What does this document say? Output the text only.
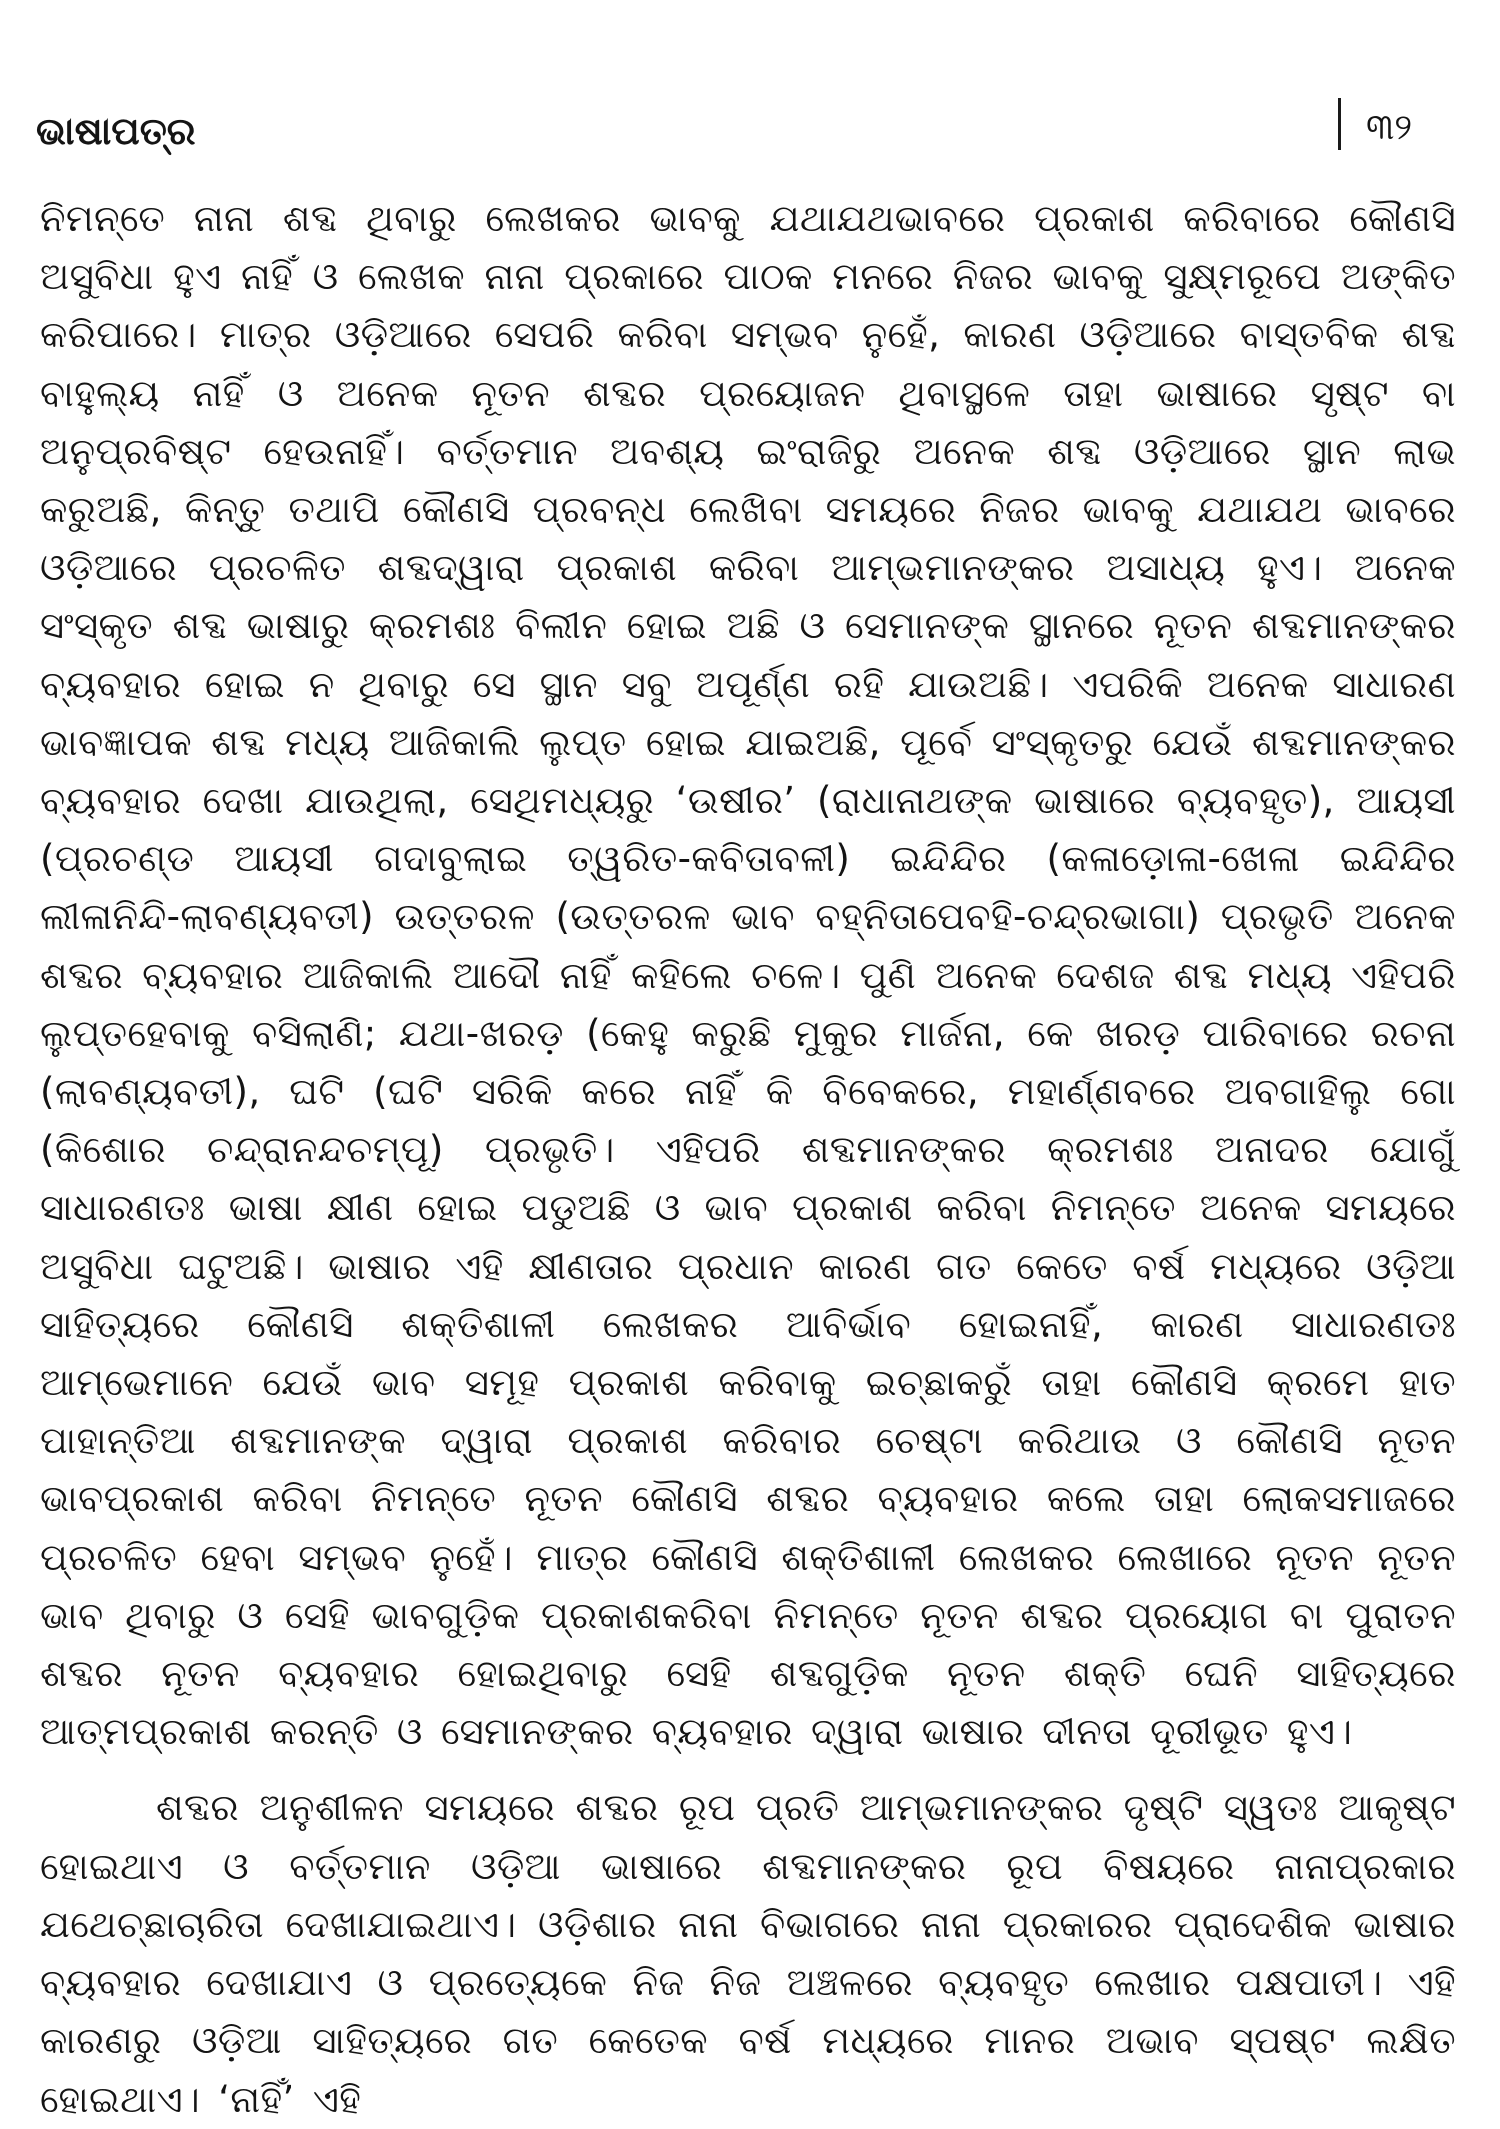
ଭାଷାପତ୍ର	୩୨

ନିମନ୍ତେ ନାନା ଶବ୍ଦ ଥିବାରୁ ଲେଖକର ଭାବକୁ ଯଥାଯଥଭାବରେ ପ୍ରକାଶ କରିବାରେ କୌଣସି ଅସୁବିଧା ହୁଏ ନାହିଁ ଓ ଲେଖକ ନାନା ପ୍ରକାରେ ପାଠକ ମନରେ ନିଜର ଭାବକୁ ସୁକ୍ଷ୍ମରୂପେ ଅଙ୍କିତ କରିପାରେ। ମାତ୍ର ଓଡ଼ିଆରେ ସେପରି କରିବା ସମ୍ଭବ ନୁହେଁ, କାରଣ ଓଡ଼ିଆରେ ବାସ୍ତବିକ ଶବ୍ଦ ବାହୁଲ୍ୟ ନାହିଁ ଓ ଅନେକ ନୂତନ ଶବ୍ଦର ପ୍ରୟୋଜନ ଥିବାସ୍ଥଳେ ତାହା ଭାଷାରେ ସୃଷ୍ଟ ବା ଅନୁପ୍ରବିଷ୍ଟ ହେଉନାହିଁ। ବର୍ତ୍ତମାନ ଅବଶ୍ୟ ଇଂରାଜିରୁ ଅନେକ ଶବ୍ଦ ଓଡ଼ିଆରେ ସ୍ଥାନ ଲାଭ କରୁଅଛି, କିନ୍ତୁ ତଥାପି କୌଣସି ପ୍ରବନ୍ଧ ଲେଖିବା ସମୟରେ ନିଜର ଭାବକୁ ଯଥାଯଥ ଭାବରେ ଓଡ଼ିଆରେ ପ୍ରଚଳିତ ଶବ୍ଦଦ୍ୱାରା ପ୍ରକାଶ କରିବା ଆମ୍ଭମାନଙ୍କର ଅସାଧ୍ୟ ହୁଏ। ଅନେକ ସଂସ୍କୃତ ଶବ୍ଦ ଭାଷାରୁ କ୍ରମଶଃ ବିଲୀନ ହୋଇ ଅଛି ଓ ସେମାନଙ୍କ ସ୍ଥାନରେ ନୂତନ ଶବ୍ଦମାନଙ୍କର ବ୍ୟବହାର ହୋଇ ନ ଥିବାରୁ ସେ ସ୍ଥାନ ସବୁ ଅପୂର୍ଣ୍ଣ ରହି ଯାଉଅଛି। ଏପରିକି ଅନେକ ସାଧାରଣ ଭାବଜ୍ଞାପକ ଶବ୍ଦ ମଧ୍ୟ ଆଜିକାଲି ଲୁପ୍ତ ହୋଇ ଯାଇଅଛି, ପୂର୍ବେ ସଂସ୍କୃତରୁ ଯେଉଁ ଶବ୍ଦମାନଙ୍କର ବ୍ୟବହାର ଦେଖା ଯାଉଥିଲା, ସେଥିମଧ୍ୟରୁ ‘ଉଷୀର’ (ରାଧାନାଥଙ୍କ ଭାଷାରେ ବ୍ୟବହୃତ), ଆୟସୀ (ପ୍ରଚଣ୍ଡ ଆୟସୀ ଗଦାବୁଲାଇ ତ୍ୱରିତ-କବିତାବଳୀ) ଇନ୍ଦିନ୍ଦିର (କଳାଡ଼ୋଳା-ଖେଳା ଇନ୍ଦିନ୍ଦିର ଲୀଳାନିନ୍ଦି-ଲାବଣ୍ୟବତୀ) ଉତ୍ତରଳ (ଉତ୍ତରଳ ଭାବ ବହ୍ନିତାପେବହି-ଚନ୍ଦ୍ରଭାଗା) ପ୍ରଭୃତି ଅନେକ ଶବ୍ଦର ବ୍ୟବହାର ଆଜିକାଲି ଆଦୌ ନାହିଁ କହିଲେ ଚଳେ। ପୁଣି ଅନେକ ଦେଶଜ ଶବ୍ଦ ମଧ୍ୟ ଏହିପରି ଲୁପ୍ତହେବାକୁ ବସିଲାଣି; ଯଥା-ଖରଡ଼ (କେହୁ କରୁଛି ମୁକୁର ମାର୍ଜନା, କେ ଖରଡ଼ ପାରିବାରେ ରଚନା (ଲାବଣ୍ୟବତୀ), ଘଟି (ଘଟି ସରିକି କରେ ନାହିଁ କି ବିବେକରେ, ମହାର୍ଣ୍ଣବରେ ଅବଗାହିଲୁ ଗୋ (କିଶୋର ଚନ୍ଦ୍ରାନନ୍ଦଚମ୍ପୂ) ପ୍ରଭୃତି। ଏହିପରି ଶବ୍ଦମାନଙ୍କର କ୍ରମଶଃ ଅନାଦର ଯୋଗୁଁ ସାଧାରଣତଃ ଭାଷା କ୍ଷୀଣ ହୋଇ ପଡୁଅଛି ଓ ଭାବ ପ୍ରକାଶ କରିବା ନିମନ୍ତେ ଅନେକ ସମୟରେ ଅସୁବିଧା ଘଟୁଅଛି। ଭାଷାର ଏହି କ୍ଷୀଣତାର ପ୍ରଧାନ କାରଣ ଗତ କେତେ ବର୍ଷ ମଧ୍ୟରେ ଓଡ଼ିଆ ସାହିତ୍ୟରେ କୌଣସି ଶକ୍ତିଶାଳୀ ଲେଖକର ଆବିର୍ଭାବ ହୋଇନାହିଁ, କାରଣ ସାଧାରଣତଃ ଆମ୍ଭେମାନେ ଯେଉଁ ଭାବ ସମୂହ ପ୍ରକାଶ କରିବାକୁ ଇଚ୍ଛାକରୁଁ ତାହା କୌଣସି କ୍ରମେ ହାତ ପାହାନ୍ତିଆ ଶବ୍ଦମାନଙ୍କ ଦ୍ୱାରା ପ୍ରକାଶ କରିବାର ଚେଷ୍ଟା କରିଥାଉ ଓ କୌଣସି ନୂତନ ଭାବପ୍ରକାଶ କରିବା ନିମନ୍ତେ ନୂତନ କୌଣସି ଶବ୍ଦର ବ୍ୟବହାର କଲେ ତାହା ଲୋକସମାଜରେ ପ୍ରଚଳିତ ହେବା ସମ୍ଭବ ନୁହେଁ। ମାତ୍ର କୌଣସି ଶକ୍ତିଶାଳୀ ଲେଖକର ଲେଖାରେ ନୂତନ ନୂତନ ଭାବ ଥିବାରୁ ଓ ସେହି ଭାବଗୁଡ଼ିକ ପ୍ରକାଶକରିବା ନିମନ୍ତେ ନୂତନ ଶବ୍ଦର ପ୍ରୟୋଗ ବା ପୁରାତନ ଶବ୍ଦର ନୂତନ ବ୍ୟବହାର ହୋଇଥିବାରୁ ସେହି ଶବ୍ଦଗୁଡ଼ିକ ନୂତନ ଶକ୍ତି ଘେନି ସାହିତ୍ୟରେ ଆତ୍ମପ୍ରକାଶ କରନ୍ତି ଓ ସେମାନଙ୍କର ବ୍ୟବହାର ଦ୍ୱାରା ଭାଷାର ଦୀନତା ଦୂରୀଭୂତ ହୁଏ।

ଶବ୍ଦର ଅନୁଶୀଳନ ସମୟରେ ଶବ୍ଦର ରୂପ ପ୍ରତି ଆମ୍ଭମାନଙ୍କର ଦୃଷ୍ଟି ସ୍ୱତଃ ଆକୃଷ୍ଟ ହୋଇଥାଏ ଓ ବର୍ତ୍ତମାନ ଓଡ଼ିଆ ଭାଷାରେ ଶବ୍ଦମାନଙ୍କର ରୂପ ବିଷୟରେ ନାନାପ୍ରକାର ଯଥେଚ୍ଛାଚାରିତା ଦେଖାଯାଇଥାଏ। ଓଡ଼ିଶାର ନାନା ବିଭାଗରେ ନାନା ପ୍ରକାରର ପ୍ରାଦେଶିକ ଭାଷାର ବ୍ୟବହାର ଦେଖାଯାଏ ଓ ପ୍ରତ୍ୟେକେ ନିଜ ନିଜ ଅଞ୍ଚଳରେ ବ୍ୟବହୃତ ଲେଖାର ପକ୍ଷପାତୀ। ଏହି କାରଣରୁ ଓଡ଼ିଆ ସାହିତ୍ୟରେ ଗତ କେତେକ ବର୍ଷ ମଧ୍ୟରେ ମାନର ଅଭାବ ସ୍ପଷ୍ଟ ଲକ୍ଷିତ ହୋଇଥାଏ। ‘ନାହିଁ’ ଏହି
